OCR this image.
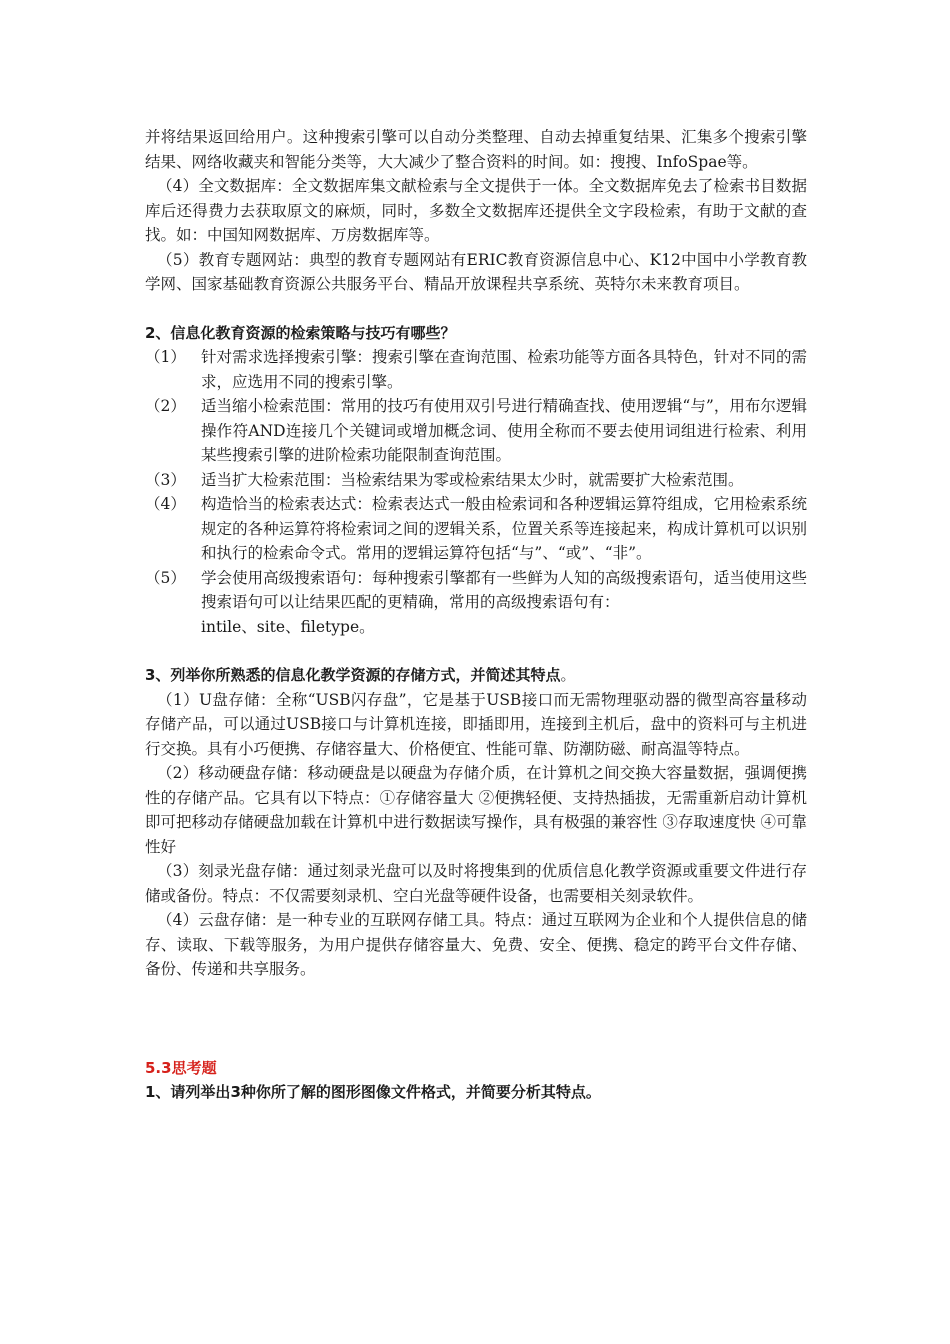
并将结果返回给用户。这种搜索引擎可以自动分类整理、自动去掉重复结果、汇集多个搜索引擎结果、网络收藏夹和智能分类等，大大减少了整合资料的时间。如：搜搜、InfoSpae等。

（4）全文数据库：全文数据库集文献检索与全文提供于一体。全文数据库免去了检索书目数据库后还得费力去获取原文的麻烦，同时，多数全文数据库还提供全文字段检索，有助于文献的查找。如：中国知网数据库、万房数据库等。

（5）教育专题网站：典型的教育专题网站有ERIC教育资源信息中心、K12中国中小学教育教学网、国家基础教育资源公共服务平台、精品开放课程共享系统、英特尔未来教育项目。

2、信息化教育资源的检索策略与技巧有哪些？

（1） 针对需求选择搜索引擎：搜索引擎在查询范围、检索功能等方面各具特色，针对不同的需求，应选用不同的搜索引擎。
（2） 适当缩小检索范围：常用的技巧有使用双引号进行精确查找、使用逻辑“与”，用布尔逻辑操作符AND连接几个关键词或增加概念词、使用全称而不要去使用词组进行检索、利用某些搜索引擎的进阶检索功能限制查询范围。
（3） 适当扩大检索范围：当检索结果为零或检索结果太少时，就需要扩大检索范围。
（4） 构造恰当的检索表达式：检索表达式一般由检索词和各种逻辑运算符组成，它用检索系统规定的各种运算符将检索词之间的逻辑关系，位置关系等连接起来，构成计算机可以识别和执行的检索命令式。常用的逻辑运算符包括“与”、“或”、“非”。
（5） 学会使用高级搜索语句：每种搜索引擎都有一些鲜为人知的高级搜索语句，适当使用这些搜索语句可以让结果匹配的更精确，常用的高级搜索语句有：
intile、site、filetype。

3、列举你所熟悉的信息化教学资源的存储方式，并简述其特点。

（1）U盘存储：全称“USB闪存盘”，它是基于USB接口而无需物理驱动器的微型高容量移动存储产品，可以通过USB接口与计算机连接，即插即用，连接到主机后，盘中的资料可与主机进行交换。具有小巧便携、存储容量大、价格便宜、性能可靠、防潮防磁、耐高温等特点。

（2）移动硬盘存储：移动硬盘是以硬盘为存储介质，在计算机之间交换大容量数据，强调便携性的存储产品。它具有以下特点：①存储容量大 ②便携轻便、支持热插拔，无需重新启动计算机即可把移动存储硬盘加载在计算机中进行数据读写操作，具有极强的兼容性 ③存取速度快 ④可靠性好

（3）刻录光盘存储：通过刻录光盘可以及时将搜集到的优质信息化教学资源或重要文件进行存储或备份。特点：不仅需要刻录机、空白光盘等硬件设备，也需要相关刻录软件。

（4）云盘存储：是一种专业的互联网存储工具。特点：通过互联网为企业和个人提供信息的储存、读取、下载等服务，为用户提供存储容量大、免费、安全、便携、稳定的跨平台文件存储、备份、传递和共享服务。

5.3思考题

1、请列举出3种你所了解的图形图像文件格式，并简要分析其特点。
